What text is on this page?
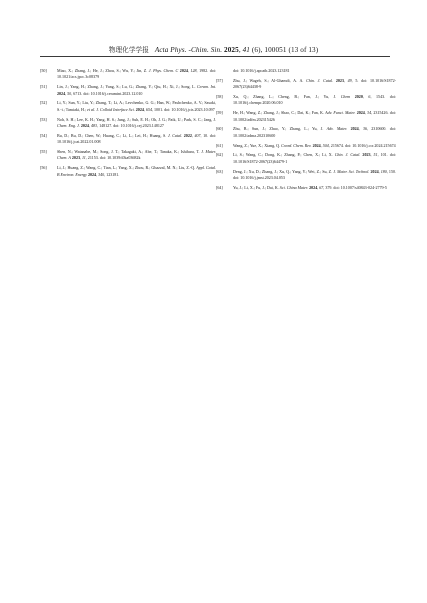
物理化学学报 Acta Phys. -Chim. Sin. 2025, 41 (6), 100051 (13 of 13)
[50]	Miao, X.; Zhang, J.; He, J.; Zhou, S.; Wu, Y.; Jin, Z. J. Phys. Chem. C 2024, 128, 1982. doi: 10.1021/acs.jpcc.3c08379
[51]	Lin, J.; Yang, H.; Zhang, J.; Yang, S.; Lu, G.; Zhang, Y.; Qiu, H.; Xi, J.; Song, L. Ceram. Int. 2024, 50, 6713. doi: 10.1016/j.ceramint.2023.12.010
[52]	Li, Y.; Sun, Y.; Liu, Y.; Zhang, T.; Li, A.; Levchenko, G. G.; Han, W.; Pashchenko, A. V.; Sasaki, S.-i.; Tamiaki, H.; et al. J. Colloid Interface Sci. 2024, 654, 1001. doi: 10.1016/j.jcis.2023.10.097
[53]	Noh, S. H.; Lee, K. H.; Yang, H. S.; Jung, J.; Suh, E. H.; Oh, J. G.; Paik, U.; Park, S. C.; Jang, J. Chem. Eng. J. 2024, 483, 148127. doi: 10.1016/j.cej.2023.148127
[54]	Bu, D.; Bu, D.; Chen, W.; Huang, C.; Li, L.; Lei, H.; Huang, S. J. Catal. 2022, 407, 10. doi: 10.1016/j.jcat.2022.01.008
[55]	Shen, N.; Watanabe, M.; Song, J. T.; Takagaki, A.; Abe, T.; Tanaka, K.; Ishihara, T. J. Mater. Chem. A 2023, 11, 21153. doi: 10.1039/d3ta03682k
[56]	Li, J.; Huang, Z.; Wang, C.; Tian, L.; Yang, X.; Zhou, R.; Ghazzal, M. N.; Liu, Z.-Q. Appl. Catal. B Environ. Energy 2024, 340, 123181.
doi: 10.1016/j.apcatb.2023.123181
[57]	Zhu, J.; Wageh, S.; Al-Ghamdi, A. A. Chin. J. Catal. 2023, 49, 5. doi: 10.1016/S1872-2067(23)64438-9
[58]	Xu, Q.; Zhang, L.; Cheng, B.; Fan, J.; Yu, J. Chem 2020, 6, 1543. doi: 10.1016/j.chempr.2020.06.010
[59]	He, H.; Wang, Z.; Zhang, J.; Shao, C.; Dai, K.; Fan, K. Adv. Funct. Mater. 2024, 34, 2315426. doi: 10.1002/adfm.202315426
[60]	Zhu, B.; Sun, J.; Zhao, Y.; Zhang, L.; Yu, J. Adv. Mater. 2024, 36, 2310600. doi: 10.1002/adma.202310600
[61]	Wang, Z.; Yue, X.; Xiang, Q. Coord. Chem. Rev. 2024, 504, 215674. doi: 10.1016/j.ccr.2024.215674
[62]	Li, S.; Wang, C.; Dong, K.; Zhang, P.; Chen, X.; Li, X. Chin. J. Catal. 2023, 51, 101. doi: 10.1016/S1872-2067(23)64479-1
[63]	Deng, J.; Xu, D.; Zhang, J.; Xu, Q.; Yang, Y.; Wei, Z.; Su, Z. J. Mater. Sci. Technol. 2024, 180, 150. doi: 10.1016/j.jmst.2023.04.053
[64]	Yu, J.; Li, X.; Fu, J.; Dai, K. Sci. China Mater. 2024, 67, 379. doi: 10.1007/s40843-024-2779-5
